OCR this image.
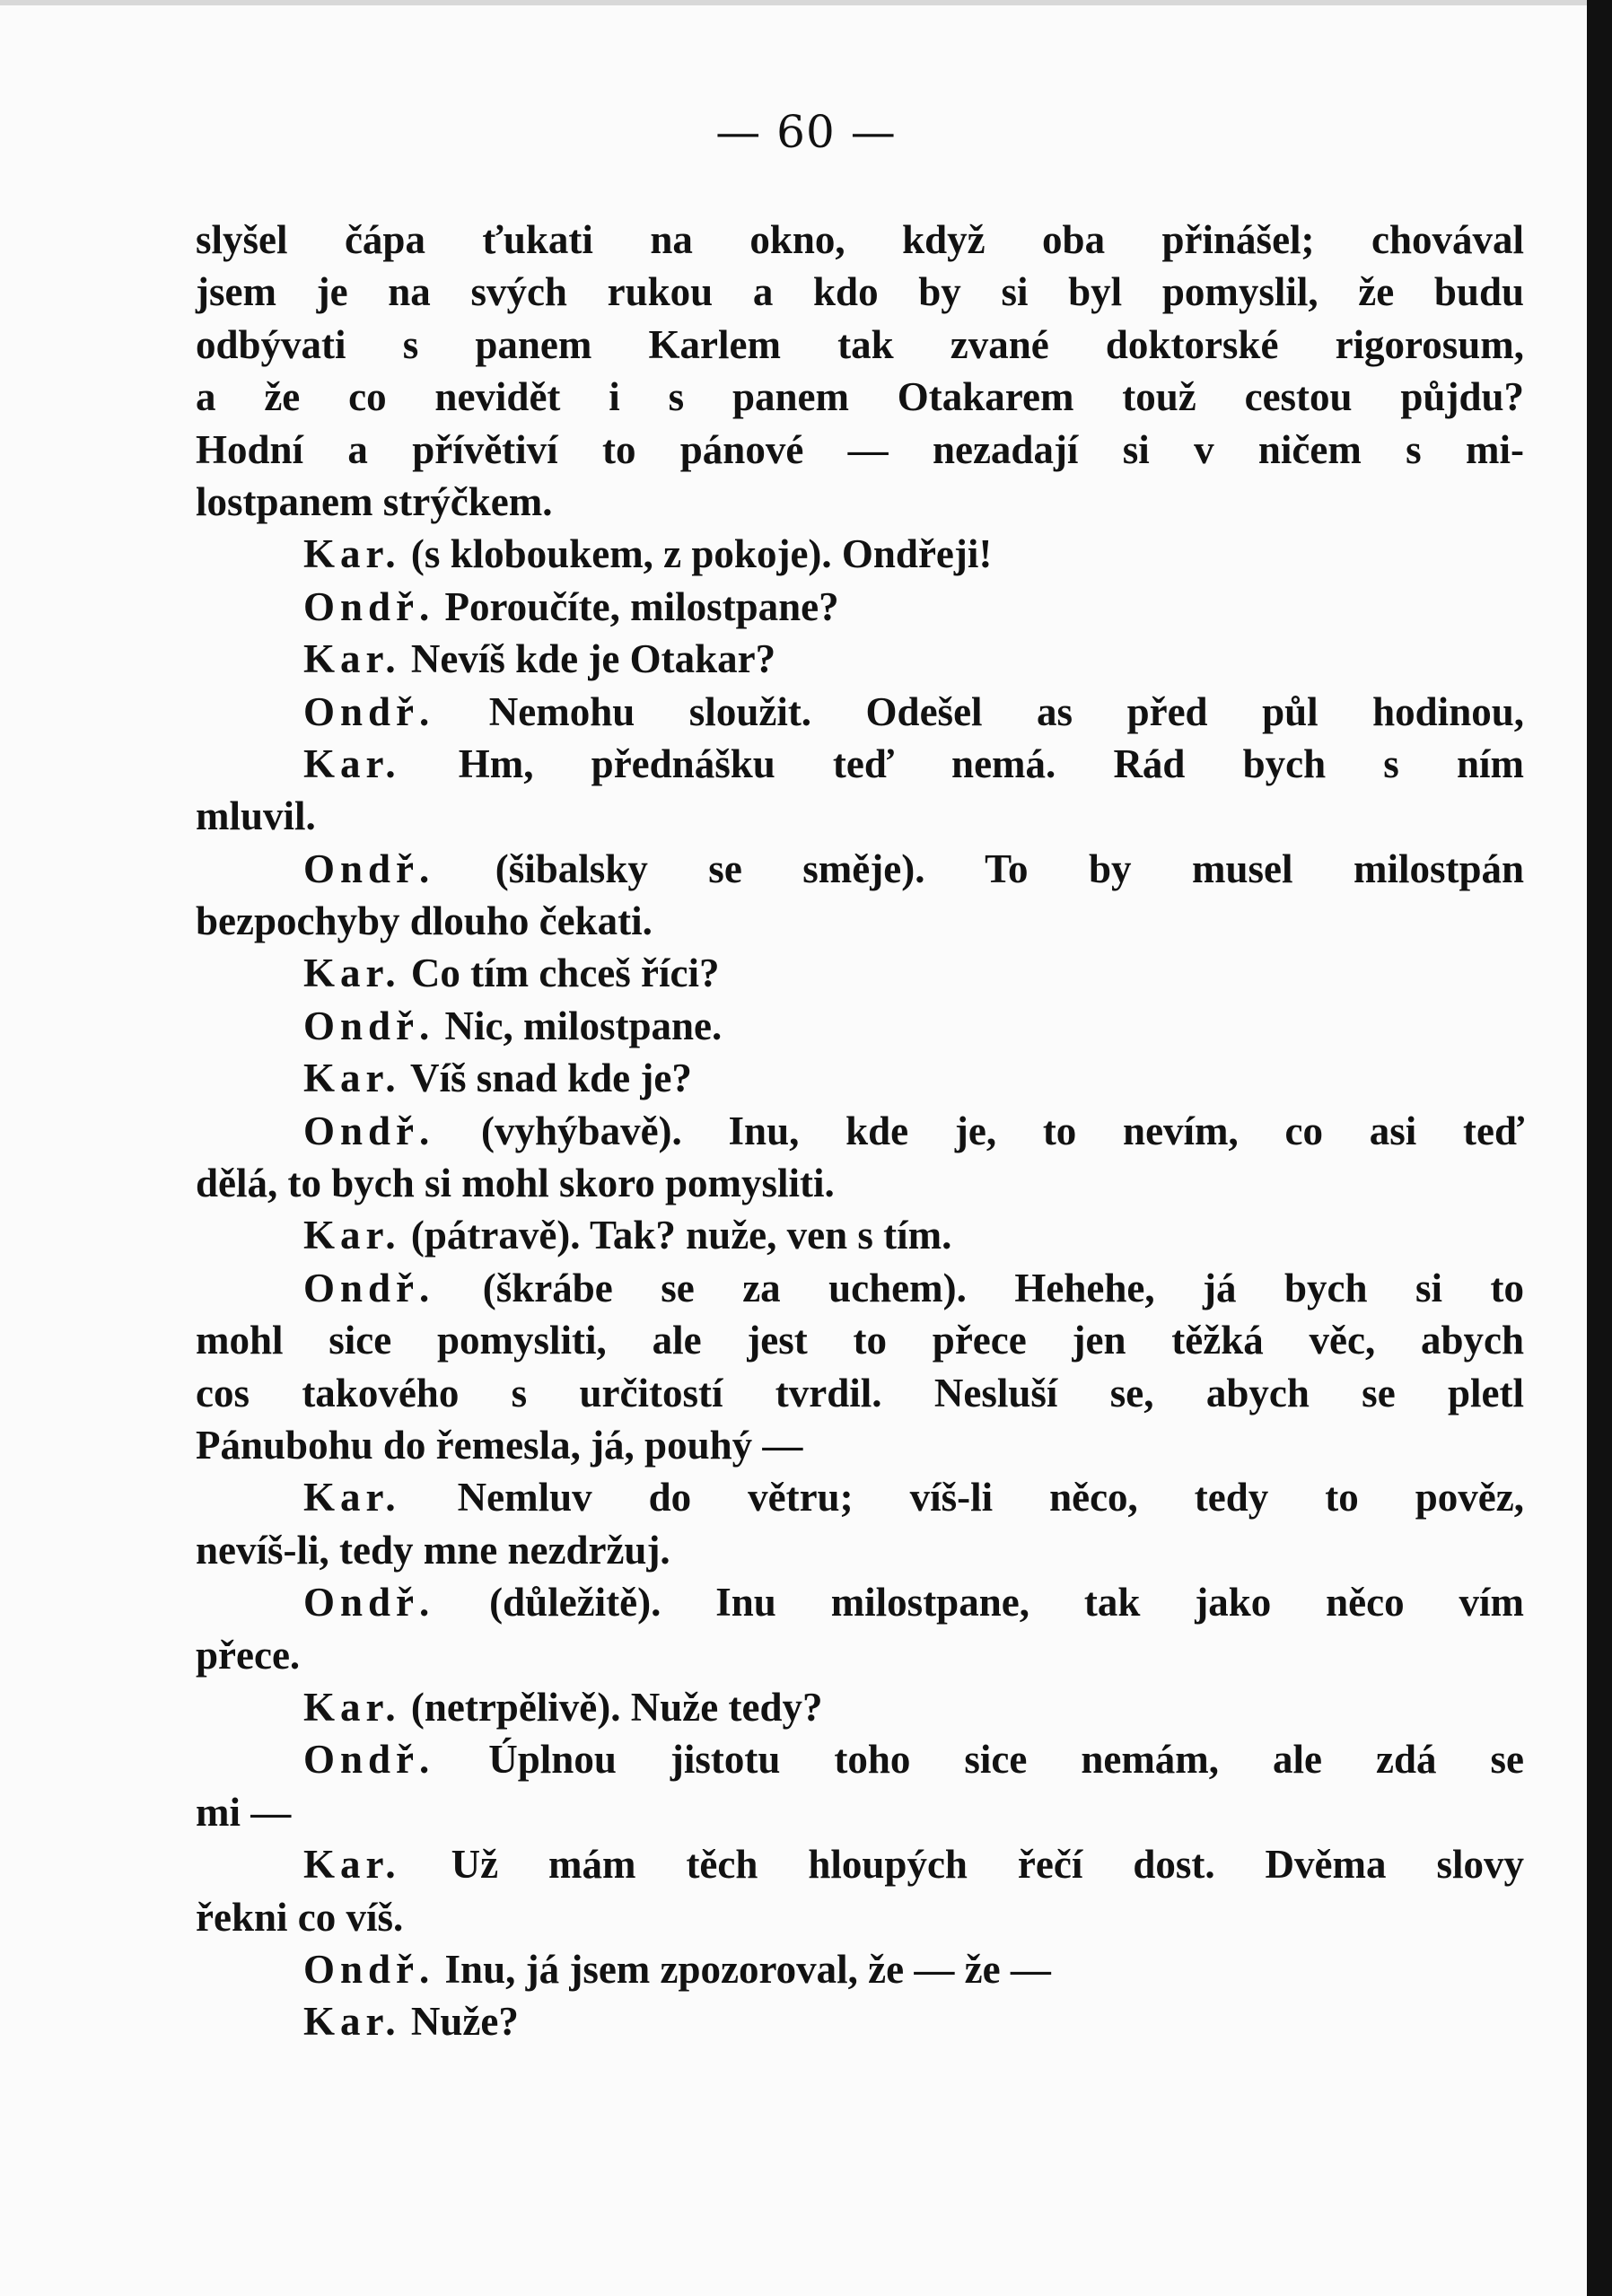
— 60 —
slyšel čápa ťukati na okno, když oba přinášel; chovával
jsem je na svých rukou a kdo by si byl pomyslil, že budu
odbývati s panem Karlem tak zvané doktorské rigorosum,
a že co nevidět i s panem Otakarem touž cestou půjdu?
Hodní a přívětiví to pánové — nezadají si v ničem s mi-
lostpanem strýčkem.
Kar. (s kloboukem, z pokoje). Ondřeji!
Ondř. Poroučíte, milostpane?
Kar. Nevíš kde je Otakar?
Ondř. Nemohu sloužit. Odešel as před půl hodinou,
Kar. Hm, přednášku teď nemá. Rád bych s ním
mluvil.
Ondř. (šibalsky se směje). To by musel milostpán
bezpochyby dlouho čekati.
Kar. Co tím chceš říci?
Ondř. Nic, milostpane.
Kar. Víš snad kde je?
Ondř. (vyhýbavě). Inu, kde je, to nevím, co asi teď
dělá, to bych si mohl skoro pomysliti.
Kar. (pátravě). Tak? nuže, ven s tím.
Ondř. (škrábe se za uchem). Hehehe, já bych si to
mohl sice pomysliti, ale jest to přece jen těžká věc, abych
cos takového s určitostí tvrdil. Nesluší se, abych se pletl
Pánubohu do řemesla, já, pouhý —
Kar. Nemluv do větru; víš-li něco, tedy to pověz,
nevíš-li, tedy mne nezdržuj.
Ondř. (důležitě). Inu milostpane, tak jako něco vím
přece.
Kar. (netrpělivě). Nuže tedy?
Ondř. Úplnou jistotu toho sice nemám, ale zdá se
mi —
Kar. Už mám těch hloupých řečí dost. Dvěma slovy
řekni co víš.
Ondř. Inu, já jsem zpozoroval, že — že —
Kar. Nuže?
